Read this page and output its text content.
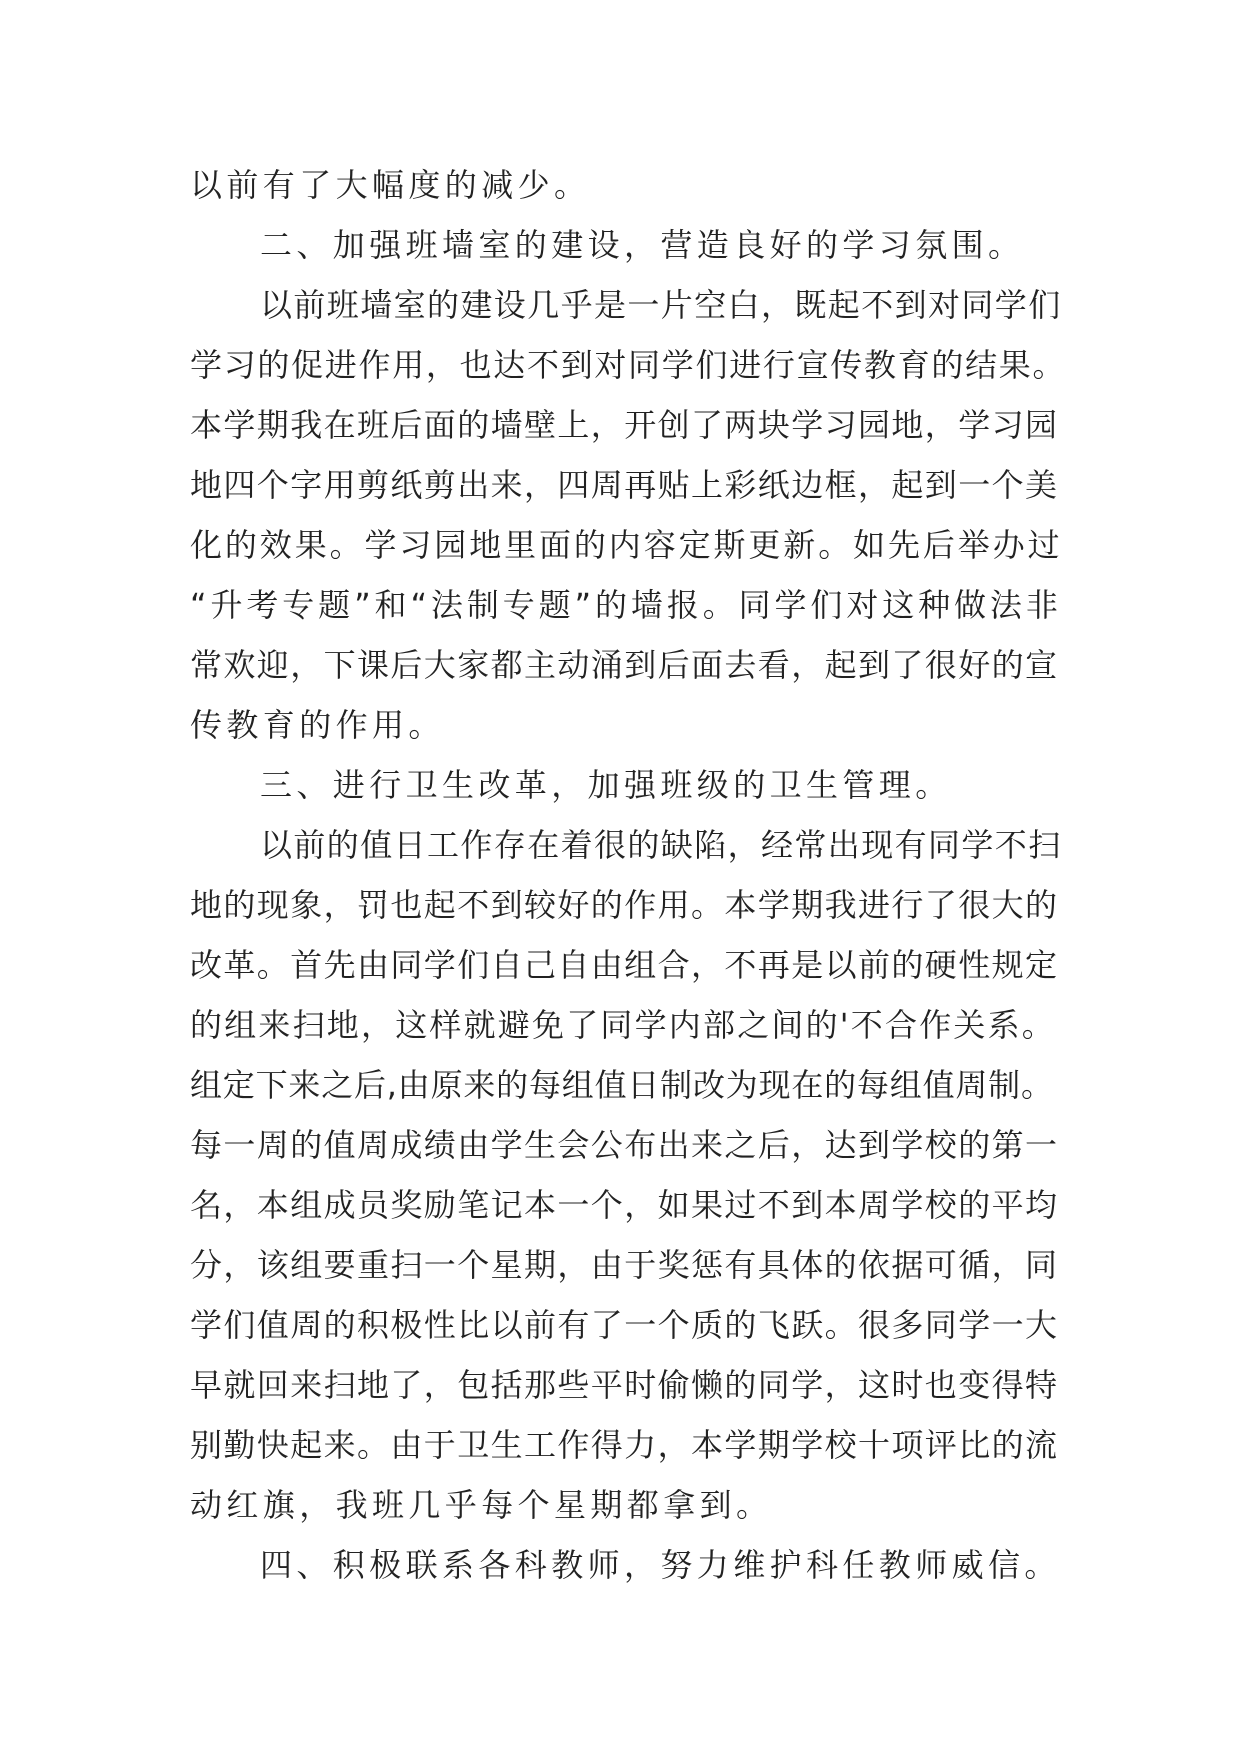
以前有了大幅度的减少。
二、加强班墙室的建设，营造良好的学习氛围。
以前班墙室的建设几乎是一片空白，既起不到对同学们
学习的促进作用，也达不到对同学们进行宣传教育的结果。
本学期我在班后面的墙壁上，开创了两块学习园地，学习园
地四个字用剪纸剪出来，四周再贴上彩纸边框，起到一个美
化的效果。学习园地里面的内容定斯更新。如先后举办过
“升考专题”和“法制专题”的墙报。同学们对这种做法非
常欢迎，下课后大家都主动涌到后面去看，起到了很好的宣
传教育的作用。
三、进行卫生改革，加强班级的卫生管理。
以前的值日工作存在着很的缺陷，经常出现有同学不扫
地的现象，罚也起不到较好的作用。本学期我进行了很大的
改革。首先由同学们自己自由组合，不再是以前的硬性规定
的组来扫地，这样就避免了同学内部之间的'不合作关系。
组定下来之后,由原来的每组值日制改为现在的每组值周制。
每一周的值周成绩由学生会公布出来之后，达到学校的第一
名，本组成员奖励笔记本一个，如果过不到本周学校的平均
分，该组要重扫一个星期，由于奖惩有具体的依据可循，同
学们值周的积极性比以前有了一个质的飞跃。很多同学一大
早就回来扫地了，包括那些平时偷懒的同学，这时也变得特
别勤快起来。由于卫生工作得力，本学期学校十项评比的流
动红旗，我班几乎每个星期都拿到。
四、积极联系各科教师，努力维护科任教师威信。
